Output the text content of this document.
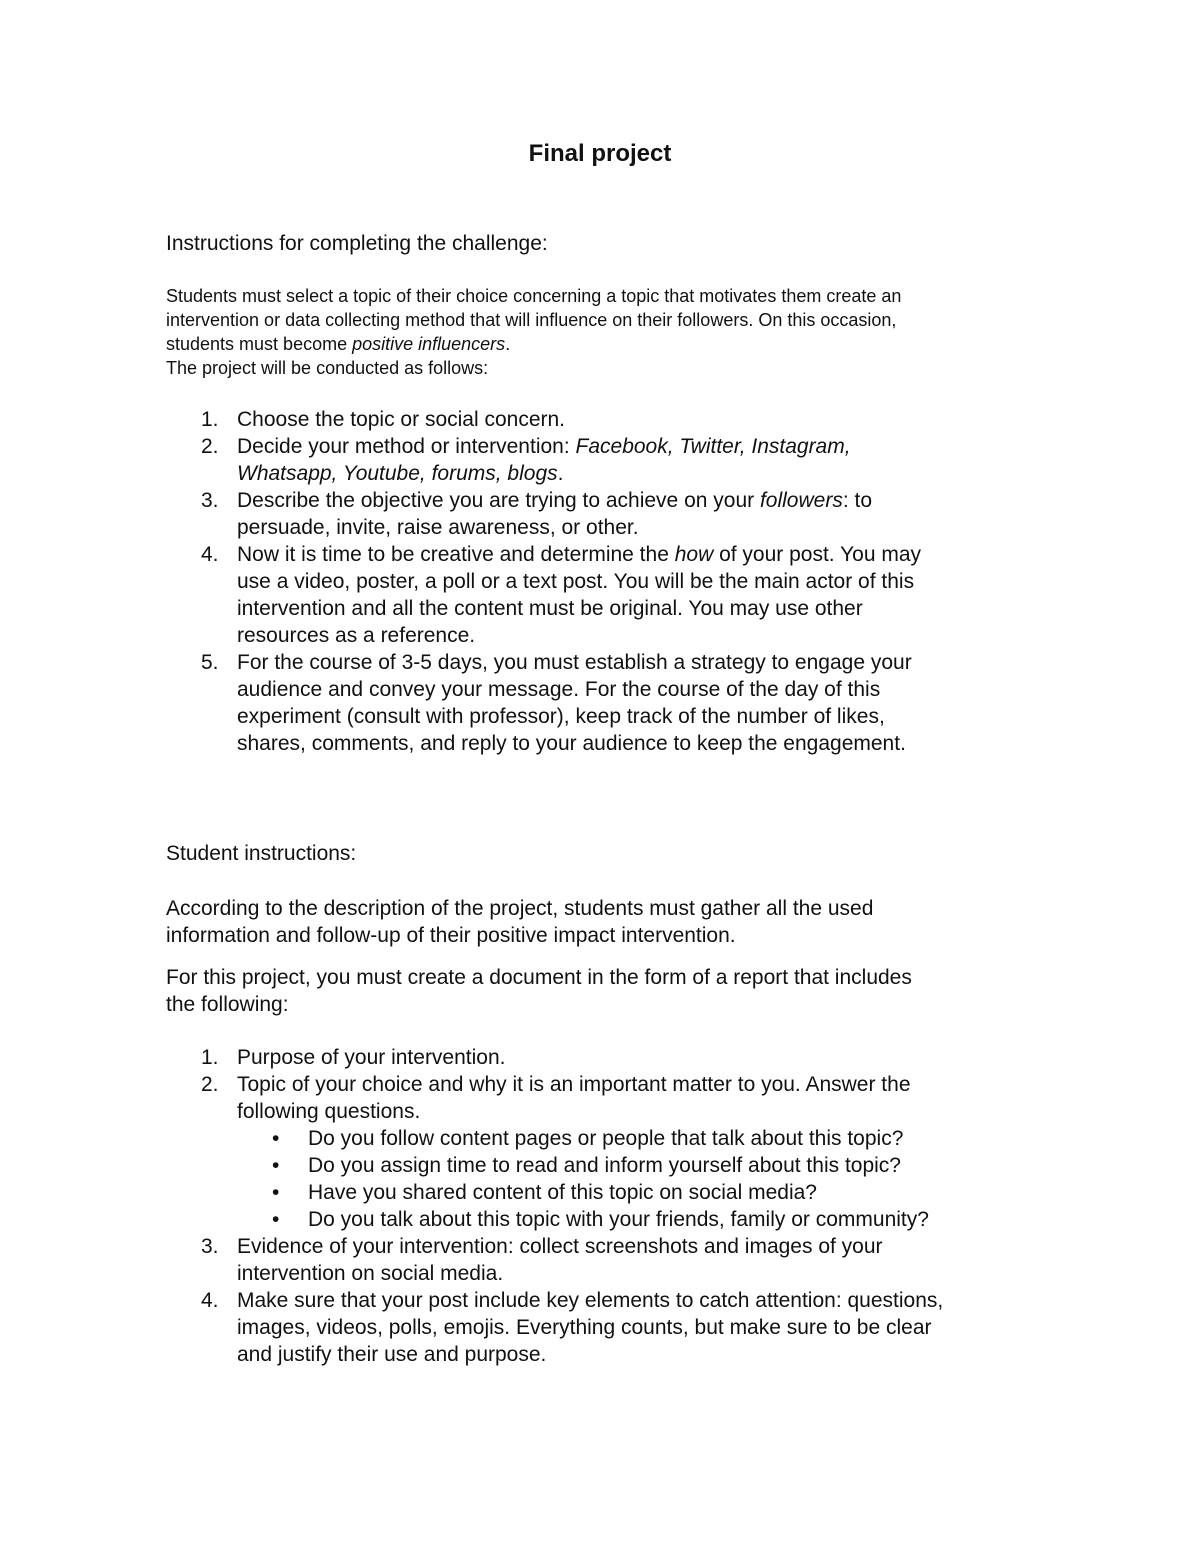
Final project
Instructions for completing the challenge:
Students must select a topic of their choice concerning a topic that motivates them create an
intervention or data collecting method that will influence on their followers. On this occasion,
students must become positive influencers.
The project will be conducted as follows:
1. Choose the topic or social concern.
2. Decide your method or intervention: Facebook, Twitter, Instagram,
Whatsapp, Youtube, forums, blogs.
3. Describe the objective you are trying to achieve on your followers: to
persuade, invite, raise awareness, or other.
4. Now it is time to be creative and determine the how of your post. You may
use a video, poster, a poll or a text post. You will be the main actor of this
intervention and all the content must be original. You may use other
resources as a reference.
5. For the course of 3-5 days, you must establish a strategy to engage your
audience and convey your message. For the course of the day of this
experiment (consult with professor), keep track of the number of likes,
shares, comments, and reply to your audience to keep the engagement.
Student instructions:
According to the description of the project, students must gather all the used
information and follow-up of their positive impact intervention.
For this project, you must create a document in the form of a report that includes
the following:
1. Purpose of your intervention.
2. Topic of your choice and why it is an important matter to you. Answer the
following questions.
• Do you follow content pages or people that talk about this topic?
• Do you assign time to read and inform yourself about this topic?
• Have you shared content of this topic on social media?
• Do you talk about this topic with your friends, family or community?
3. Evidence of your intervention: collect screenshots and images of your
intervention on social media.
4. Make sure that your post include key elements to catch attention: questions,
images, videos, polls, emojis. Everything counts, but make sure to be clear
and justify their use and purpose.
